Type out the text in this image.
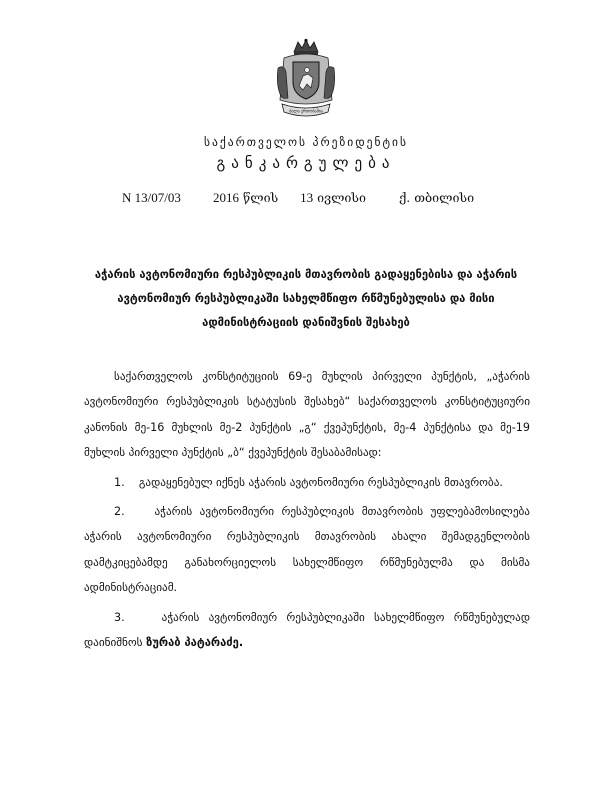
ძალა ერთობაშია
საქართველოს პრეზიდენტის
განკარგულება
N 13/07/03 2016 წლის 13 ივლისი	ქ. თბილისი
აჭარის ავტონომიური რესპუბლიკის მთავრობის გადაყენებისა და აჭარის
ავტონომიურ რესპუბლიკაში სახელმწიფო რწმუნებულისა და მისი
ადმინისტრაციის დანიშვნის შესახებ

საქართველოს კონსტიტუციის 69-ე მუხლის პირველი პუნქტის, „აჭარის ავტონომიური რესპუბლიკის სტატუსის შესახებ“ საქართველოს კონსტიტუციური კანონის მე-16 მუხლის მე-2 პუნქტის „გ“ ქვეპუნქტის, მე-4 პუნქტისა და მე-19 მუხლის პირველი პუნქტის „ბ“ ქვეპუნქტის შესაბამისად:

1. გადაყენებულ იქნეს აჭარის ავტონომიური რესპუბლიკის მთავრობა.

2.	აჭარის ავტონომიური რესპუბლიკის მთავრობის უფლებამოსილება აჭარის ავტონომიური რესპუბლიკის მთავრობის ახალი შემადგენლობის დამტკიცებამდე განახორციელოს სახელმწიფო რწმუნებულმა და მისმა ადმინისტრაციამ.

3.	აჭარის ავტონომიურ რესპუბლიკაში სახელმწიფო რწმუნებულად დაინიშნოს ზურაბ პატარაძე.
